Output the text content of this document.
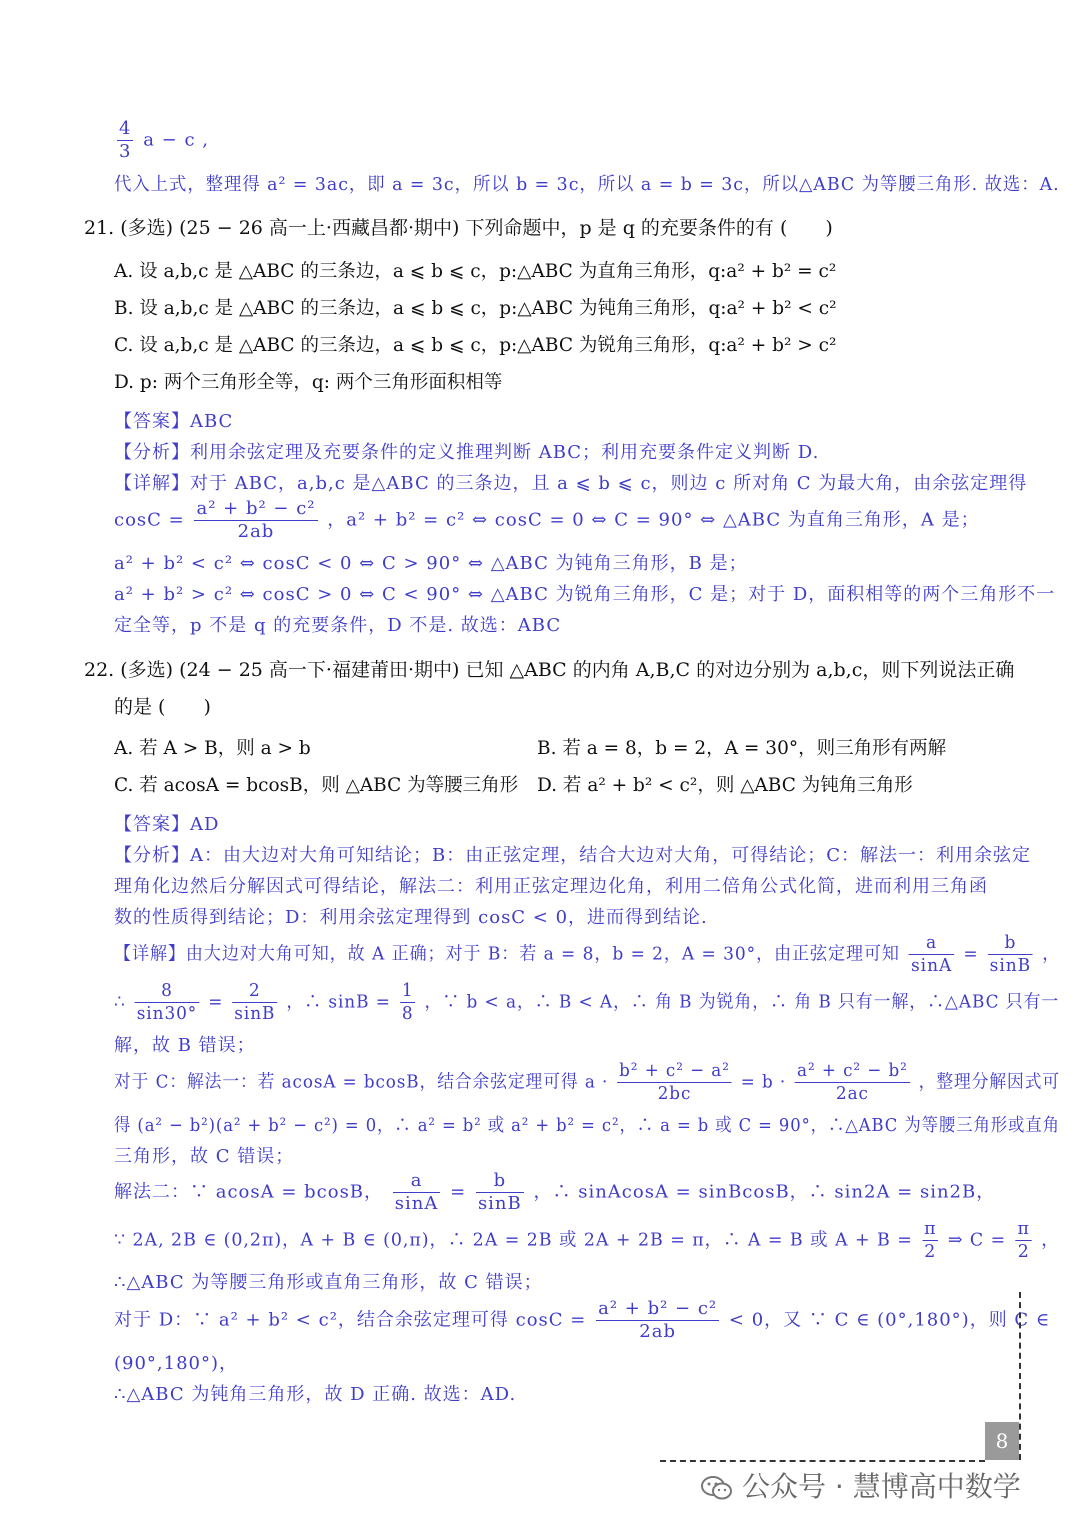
$\frac{4}{3}$ a − c ,
代入上式，整理得 a² = 3ac，即 a = 3c，所以 b = 3c，所以 a = b = 3c，所以△ABC 为等腰三角形. 故选：A.
21. (多选) (25 − 26 高一上·西藏昌都·期中) 下列命题中，p 是 q 的充要条件的有 (　　)
A. 设 a,b,c 是 △ABC 的三条边，a ⩽ b ⩽ c，p:△ABC 为直角三角形，q:a² + b² = c²
B. 设 a,b,c 是 △ABC 的三条边，a ⩽ b ⩽ c，p:△ABC 为钝角三角形，q:a² + b² < c²
C. 设 a,b,c 是 △ABC 的三条边，a ⩽ b ⩽ c，p:△ABC 为锐角三角形，q:a² + b² > c²
D. p: 两个三角形全等，q: 两个三角形面积相等
【答案】ABC
【分析】利用余弦定理及充要条件的定义推理判断 ABC；利用充要条件定义判断 D.
【详解】对于 ABC，a,b,c 是△ABC 的三条边，且 a ⩽ b ⩽ c，则边 c 所对角 C 为最大角，由余弦定理得
$\cos C = \frac{\text{a² + b² − c²}}{2ab}$ ，a² + b² = c² ⇔ cosC = 0 ⇔ C = 90° ⇔ △ABC 为直角三角形，A 是；
a² + b² < c² ⇔ cosC < 0 ⇔ C > 90° ⇔ △ABC 为钝角三角形，B 是；
a² + b² > c² ⇔ cosC > 0 ⇔ C < 90° ⇔ △ABC 为锐角三角形，C 是；对于 D，面积相等的两个三角形不一
定全等，p 不是 q 的充要条件，D 不是. 故选：ABC
22. (多选) (24 − 25 高一下·福建莆田·期中) 已知 △ABC 的内角 A,B,C 的对边分别为 a,b,c，则下列说法正确
的是 (　　)
A. 若 A > B，则 a > b	B. 若 a = 8，b = 2，A = 30°，则三角形有两解
C. 若 acosA = bcosB，则 △ABC 为等腰三角形 D. 若 a² + b² < c²，则 △ABC 为钝角三角形
【答案】AD
【分析】A：由大边对大角可知结论；B：由正弦定理，结合大边对大角，可得结论；C：解法一：利用余弦定
理角化边然后分解因式可得结论，解法二：利用正弦定理边化角，利用二倍角公式化简，进而利用三角函
数的性质得到结论；D：利用余弦定理得到 cosC < 0，进而得到结论.
【详解】由大边对大角可知，故 A 正确；对于 B：若 a = 8，b = 2，A = 30°，由正弦定理可知 $\frac{a}{\sin A} = \frac{b}{\sin B}$ ，
∴ $\frac{8}{\sin 30^\circ} = \frac{2}{\sin B}$ ，∴ $\sin B = \frac{1}{8}$ ，∵ b < a，∴ B < A，∴ 角 B 为锐角，∴ 角 B 只有一解，∴△ABC 只有一
解，故 B 错误；
对于 C：解法一：若 acosA = bcosB，结合余弦定理可得 $a \cdot \frac{\text{b² + c² − a²}}{2bc} = b \cdot \frac{\text{a² + c² − b²}}{2ac}$ ，整理分解因式可
得 (a² − b²)(a² + b² − c²) = 0，∴ a² = b² 或 a² + b² = c²，∴ a = b 或 C = 90°，∴△ABC 为等腰三角形或直角
三角形，故 C 错误；
解法二：∵ acosA = bcosB， $\frac{a}{\sin A} = \frac{b}{\sin B}$ ，∴ sinAcosA = sinBcosB，∴ sin2A = sin2B，
∵ 2A, 2B ∈ (0,2π)，A + B ∈ (0,π)，∴ 2A = 2B 或 2A + 2B = π，∴ A = B 或 $A + B = \frac{\pi}{2}$ ⇒ $C = \frac{\pi}{2}$ ，
∴△ABC 为等腰三角形或直角三角形，故 C 错误；
对于 D：∵ a² + b² < c²，结合余弦定理可得 $\cos C = \frac{\text{a² + b² − c²}}{2ab} < 0$，又 ∵ C ∈ (0°,180°)，则 C ∈
(90°,180°)，
∴△ABC 为钝角三角形，故 D 正确. 故选：AD.
8
公众号 · 慧博高中数学
